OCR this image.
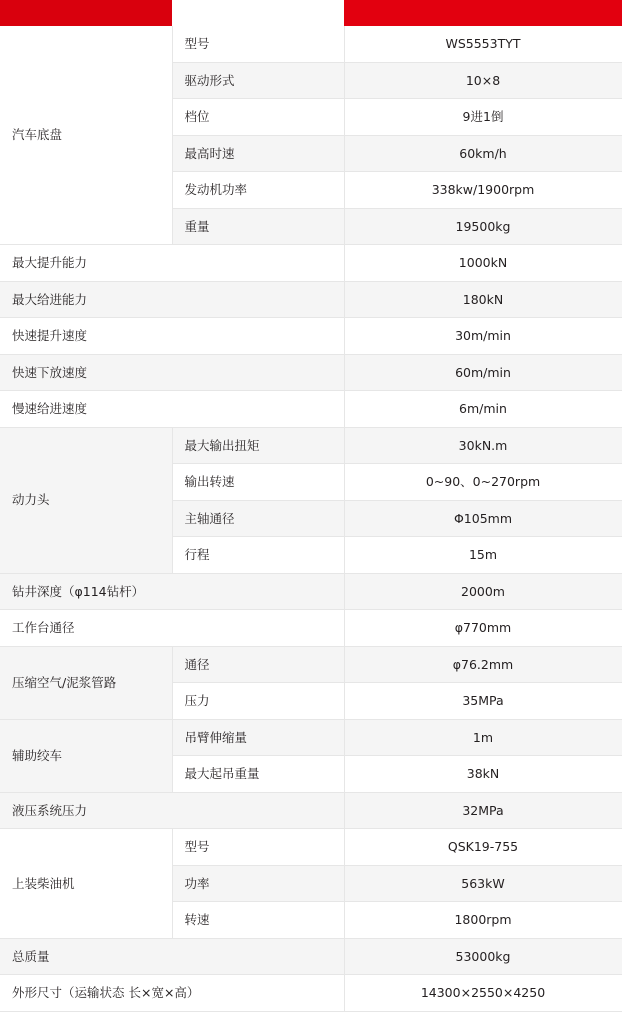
汽车底盘	型号	WS5553TYT
	驱动形式	10×8
	档位	9进1倒
	最高时速	60km/h
	发动机功率	338kw/1900rpm
	重量	19500kg
最大提升能力		1000kN
最大给进能力		180kN
快速提升速度		30m/min
快速下放速度		60m/min
慢速给进速度		6m/min
动力头	最大输出扭矩	30kN.m
	输出转速	0~90、0~270rpm
	主轴通径	Φ105mm
	行程	15m
钻井深度（φ114钻杆）		2000m
工作台通径		φ770mm
压缩空气/泥浆管路	通径	φ76.2mm
	压力	35MPa
辅助绞车	吊臂伸缩量	1m
	最大起吊重量	38kN
液压系统压力		32MPa
上装柴油机	型号	QSK19-755
	功率	563kW
	转速	1800rpm
总质量		53000kg
外形尺寸（运输状态 长×宽×高）		14300×2550×4250
